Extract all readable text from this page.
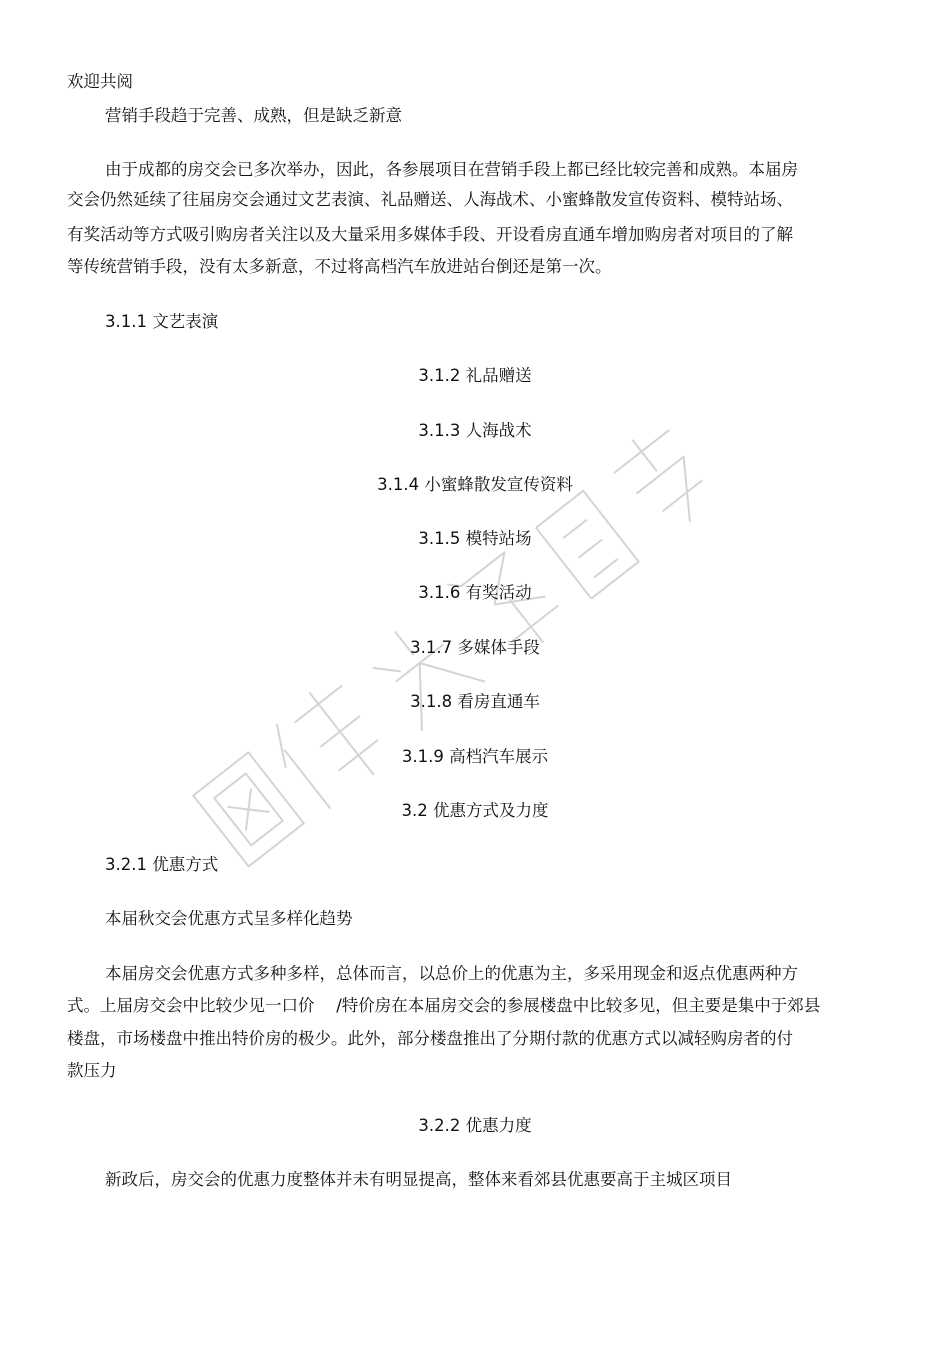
欢迎共阅
营销手段趋于完善、成熟，但是缺乏新意
由于成都的房交会已多次举办，因此，各参展项目在营销手段上都已经比较完善和成熟。本届房
交会仍然延续了往届房交会通过文艺表演、礼品赠送、人海战术、小蜜蜂散发宣传资料、模特站场、
有奖活动等方式吸引购房者关注以及大量采用多媒体手段、开设看房直通车增加购房者对项目的了解
等传统营销手段，没有太多新意，不过将高档汽车放进站台倒还是第一次。
3.1.1 文艺表演
3.1.2 礼品赠送
3.1.3 人海战术
3.1.4 小蜜蜂散发宣传资料
3.1.5 模特站场
3.1.6 有奖活动
3.1.7 多媒体手段
3.1.8 看房直通车
3.1.9 高档汽车展示
3.2 优惠方式及力度
3.2.1 优惠方式
本届秋交会优惠方式呈多样化趋势
本届房交会优惠方式多种多样，总体而言，以总价上的优惠为主，多采用现金和返点优惠两种方
式。上届房交会中比较少见一口价　 /特价房在本届房交会的参展楼盘中比较多见，但主要是集中于郊县
楼盘，市场楼盘中推出特价房的极少。此外，部分楼盘推出了分期付款的优惠方式以减轻购房者的付
款压力
3.2.2 优惠力度
新政后，房交会的优惠力度整体并未有明显提高，整体来看郊县优惠要高于主城区项目
